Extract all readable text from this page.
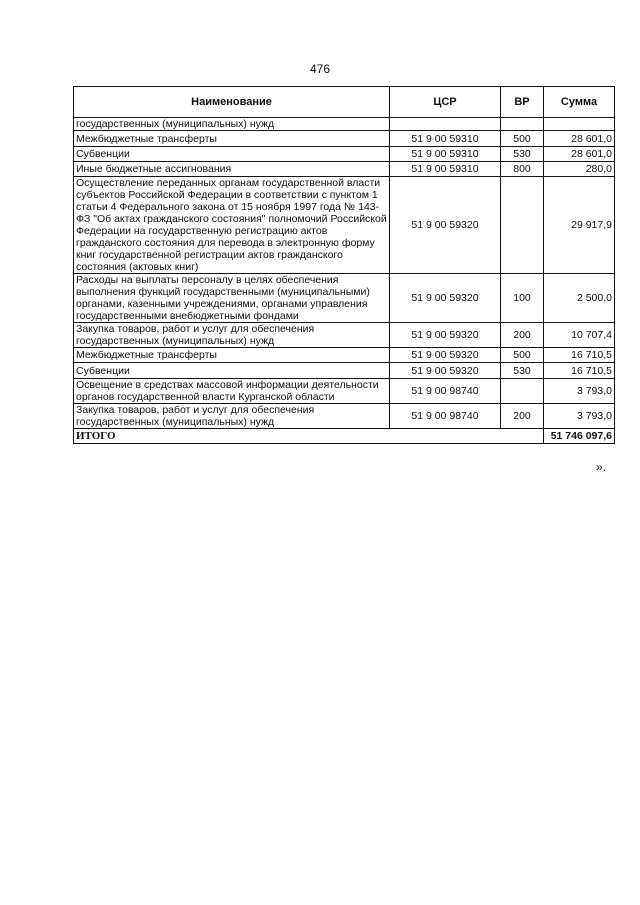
476
Наименование	ЦСР	ВР	Сумма
государственных (муниципальных) нужд			
Межбюджетные трансферты	51 9 00 59310	500	28 601,0
Субвенции	51 9 00 59310	530	28 601,0
Иные бюджетные ассигнования	51 9 00 59310	800	280,0
Осуществление переданных органам государственной власти субъектов Российской Федерации в соответствии с пунктом 1 статьи 4 Федерального закона от 15 ноября 1997 года № 143-ФЗ "Об актах гражданского состояния" полномочий Российской Федерации на государственную регистрацию актов гражданского состояния для перевода в электронную форму книг государственной регистрации актов гражданского состояния (актовых книг)	51 9 00 59320		29 917,9
Расходы на выплаты персоналу в целях обеспечения выполнения функций государственными (муниципальными) органами, казенными учреждениями, органами управления государственными внебюджетными фондами	51 9 00 59320	100	2 500,0
Закупка товаров, работ и услуг для обеспечения государственных (муниципальных) нужд	51 9 00 59320	200	10 707,4
Межбюджетные трансферты	51 9 00 59320	500	16 710,5
Субвенции	51 9 00 59320	530	16 710,5
Освещение в средствах массовой информации деятельности органов государственной власти Курганской области	51 9 00 98740		3 793,0
Закупка товаров, работ и услуг для обеспечения государственных (муниципальных) нужд	51 9 00 98740	200	3 793,0
ИТОГО			51 746 097,6
».
